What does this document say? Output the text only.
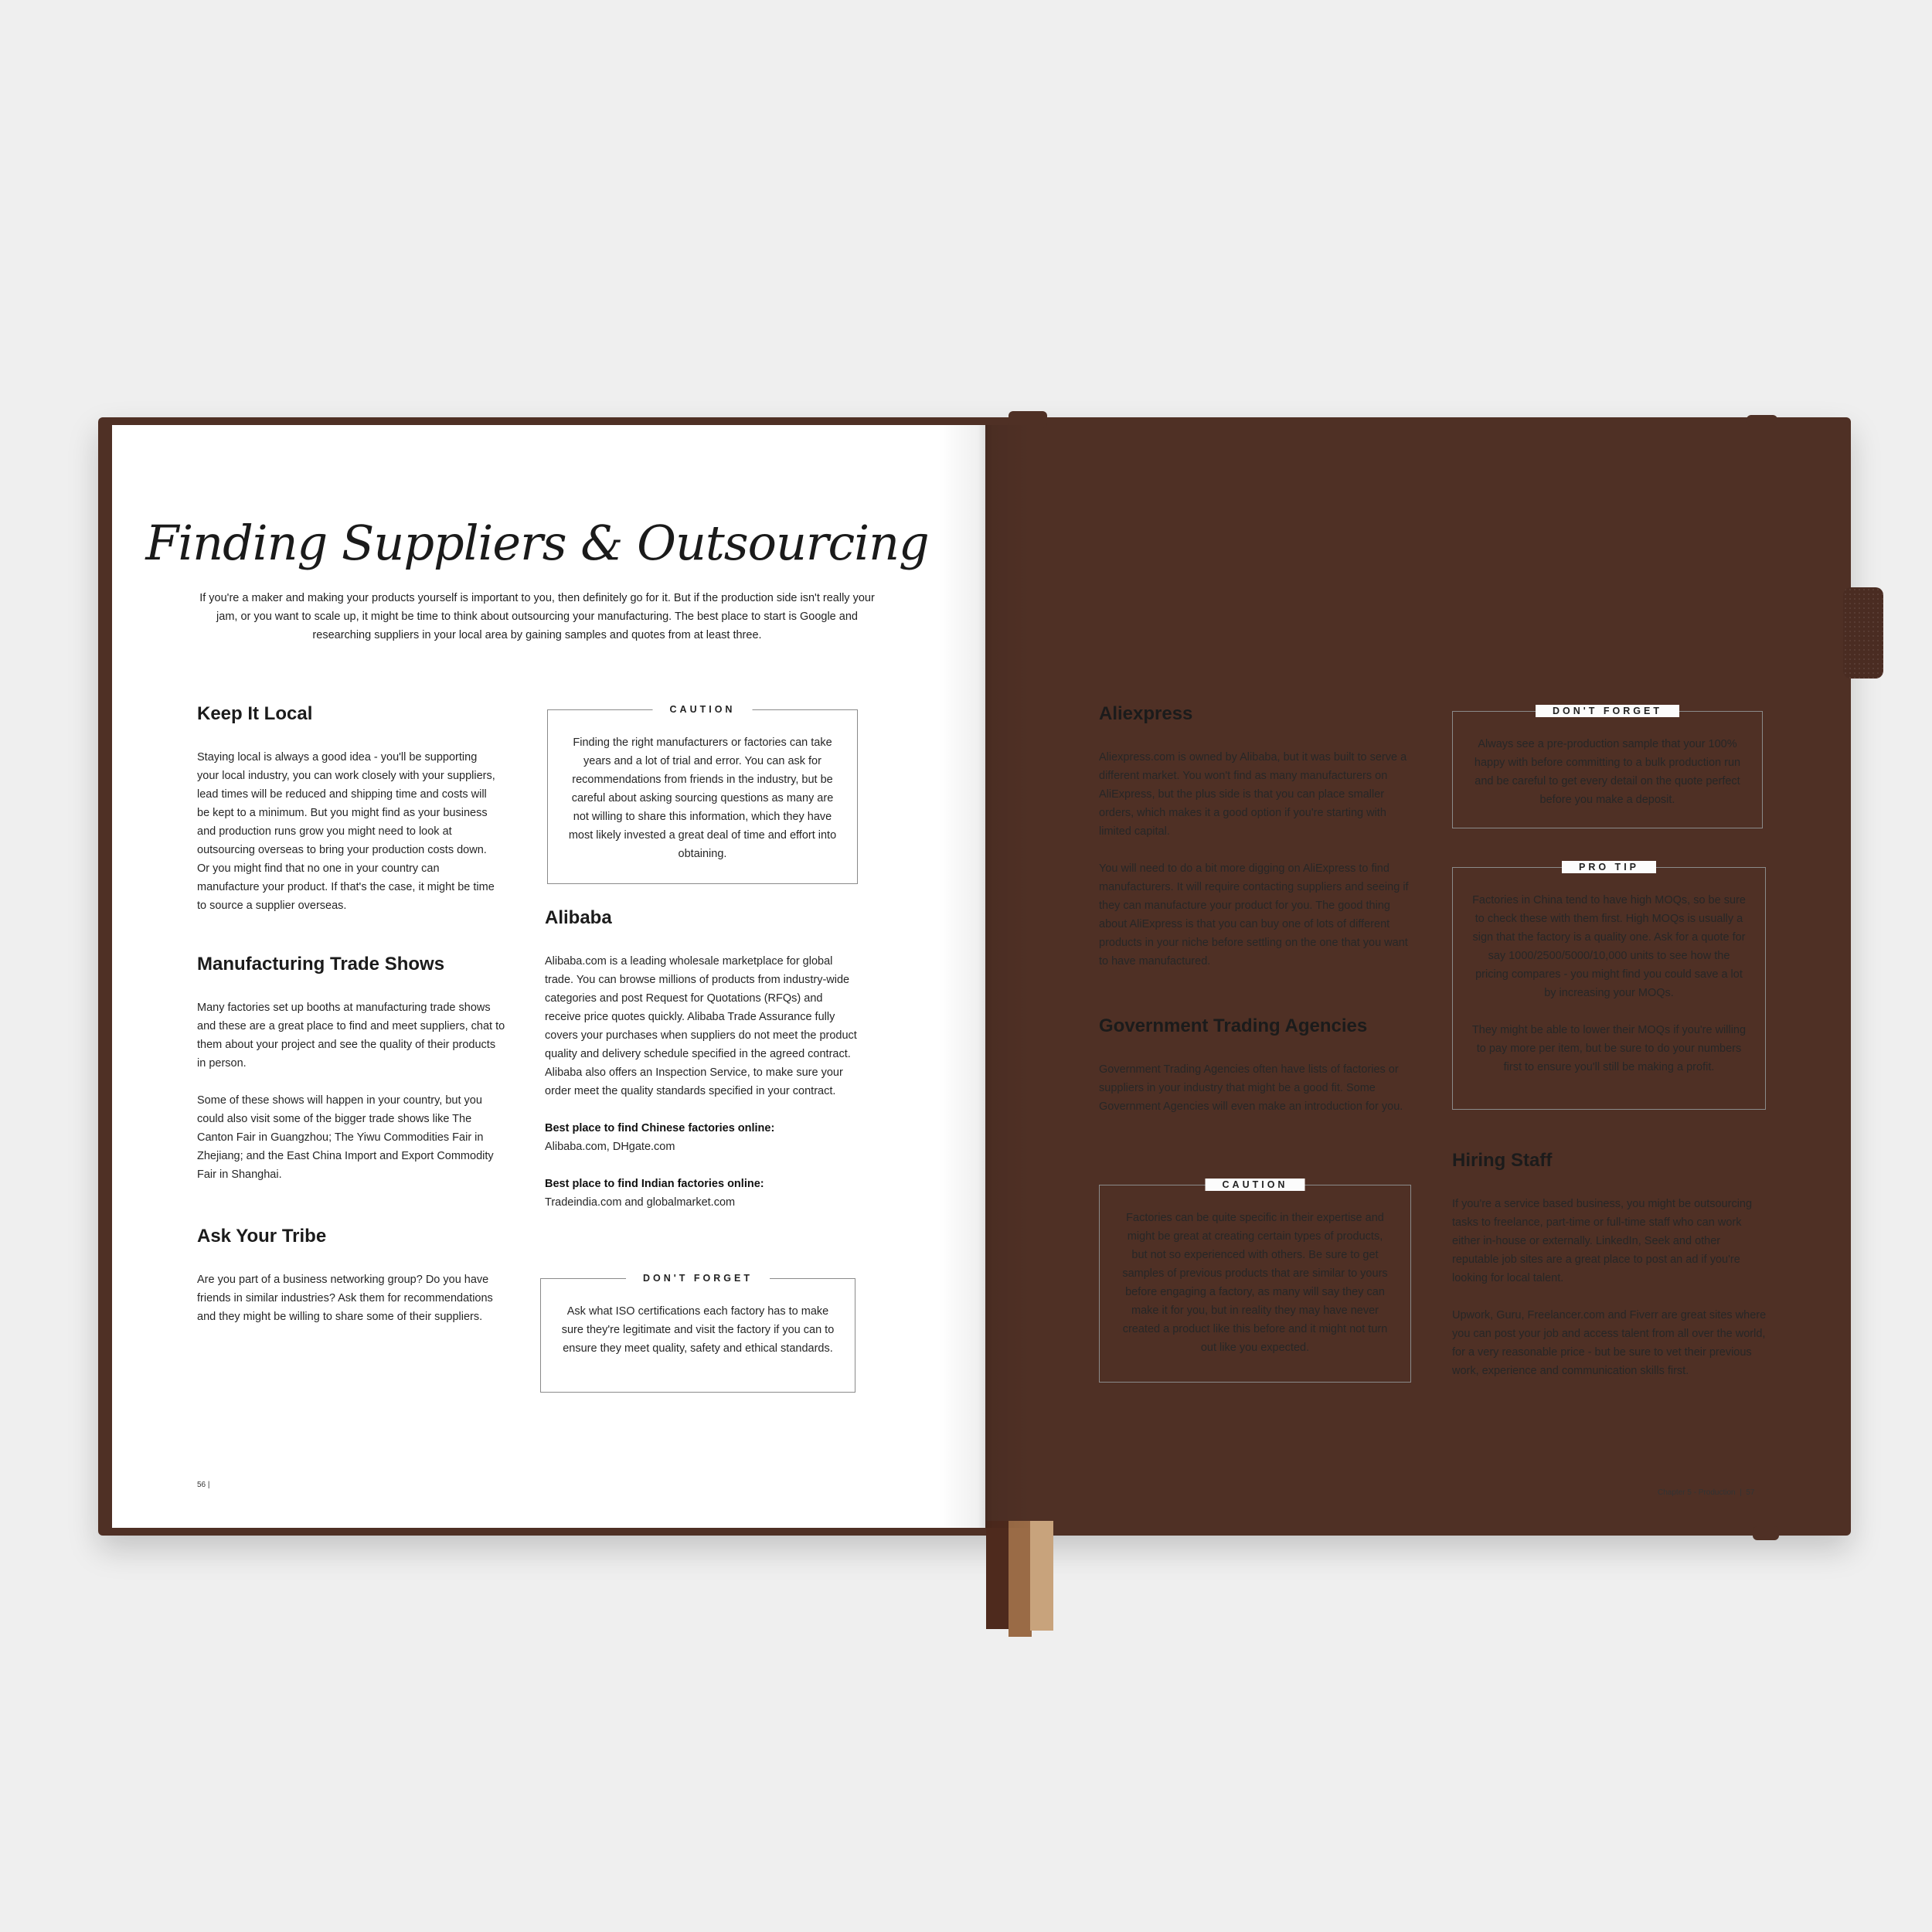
Finding Suppliers & Outsourcing
If you're a maker and making your products yourself is important to you, then definitely go for it. But if the production side isn't really your jam, or you want to scale up, it might be time to think about outsourcing your manufacturing. The best place to start is Google and researching suppliers in your local area by gaining samples and quotes from at least three.
Keep It Local

Staying local is always a good idea - you'll be supporting your local industry, you can work closely with your suppliers, lead times will be reduced and shipping time and costs will be kept to a minimum. But you might find as your business and production runs grow you might need to look at outsourcing overseas to bring your production costs down. Or you might find that no one in your country can manufacture your product. If that's the case, it might be time to source a supplier overseas.

Manufacturing Trade Shows

Many factories set up booths at manufacturing trade shows and these are a great place to find and meet suppliers, chat to them about your project and see the quality of their products in person.

Some of these shows will happen in your country, but you could also visit some of the bigger trade shows like The Canton Fair in Guangzhou; The Yiwu Commodities Fair in Zhejiang; and the East China Import and Export Commodity Fair in Shanghai.

Ask Your Tribe

Are you part of a business networking group? Do you have friends in similar industries? Ask them for recommendations and they might be willing to share some of their suppliers.

CAUTION

Finding the right manufacturers or factories can take years and a lot of trial and error. You can ask for recommendations from friends in the industry, but be careful about asking sourcing questions as many are not willing to share this information, which they have most likely invested a great deal of time and effort into obtaining.

Alibaba

Alibaba.com is a leading wholesale marketplace for global trade. You can browse millions of products from industry-wide categories and post Request for Quotations (RFQs) and receive price quotes quickly. Alibaba Trade Assurance fully covers your purchases when suppliers do not meet the product quality and delivery schedule specified in the agreed contract. Alibaba also offers an Inspection Service, to make sure your order meet the quality standards specified in your contract.

Best place to find Chinese factories online:
Alibaba.com, DHgate.com

Best place to find Indian factories online:
Tradeindia.com and globalmarket.com

DON'T FORGET

Ask what ISO certifications each factory has to make sure they're legitimate and visit the factory if you can to ensure they meet quality, safety and ethical standards.

56 |
Aliexpress

Aliexpress.com is owned by Alibaba, but it was built to serve a different market. You won't find as many manufacturers on AliExpress, but the plus side is that you can place smaller orders, which makes it a good option if you're starting with limited capital.

You will need to do a bit more digging on AliExpress to find manufacturers. It will require contacting suppliers and seeing if they can manufacture your product for you. The good thing about AliExpress is that you can buy one of lots of different products in your niche before settling on the one that you want to have manufactured.

Government Trading Agencies

Government Trading Agencies often have lists of factories or suppliers in your industry that might be a good fit. Some Government Agencies will even make an introduction for you.

CAUTION

Factories can be quite specific in their expertise and might be great at creating certain types of products, but not so experienced with others. Be sure to get samples of previous products that are similar to yours before engaging a factory, as many will say they can make it for you, but in reality they may have never created a product like this before and it might not turn out like you expected.

DON'T FORGET

Always see a pre-production sample that your 100% happy with before committing to a bulk production run and be careful to get every detail on the quote perfect before you make a deposit.

PRO TIP

Factories in China tend to have high MOQs, so be sure to check these with them first. High MOQs is usually a sign that the factory is a quality one. Ask for a quote for say 1000/2500/5000/10,000 units to see how the pricing compares - you might find you could save a lot by increasing your MOQs.

They might be able to lower their MOQs if you're willing to pay more per item, but be sure to do your numbers first to ensure you'll still be making a profit.

Hiring Staff

If you're a service based business, you might be outsourcing tasks to freelance, part-time or full-time staff who can work either in-house or externally. LinkedIn, Seek and other reputable job sites are a great place to post an ad if you're looking for local talent.

Upwork, Guru, Freelancer.com and Fiverr are great sites where you can post your job and access talent from all over the world, for a very reasonable price - but be sure to vet their previous work, experience and communication skills first.

Chapter 5 - Production  |  57
